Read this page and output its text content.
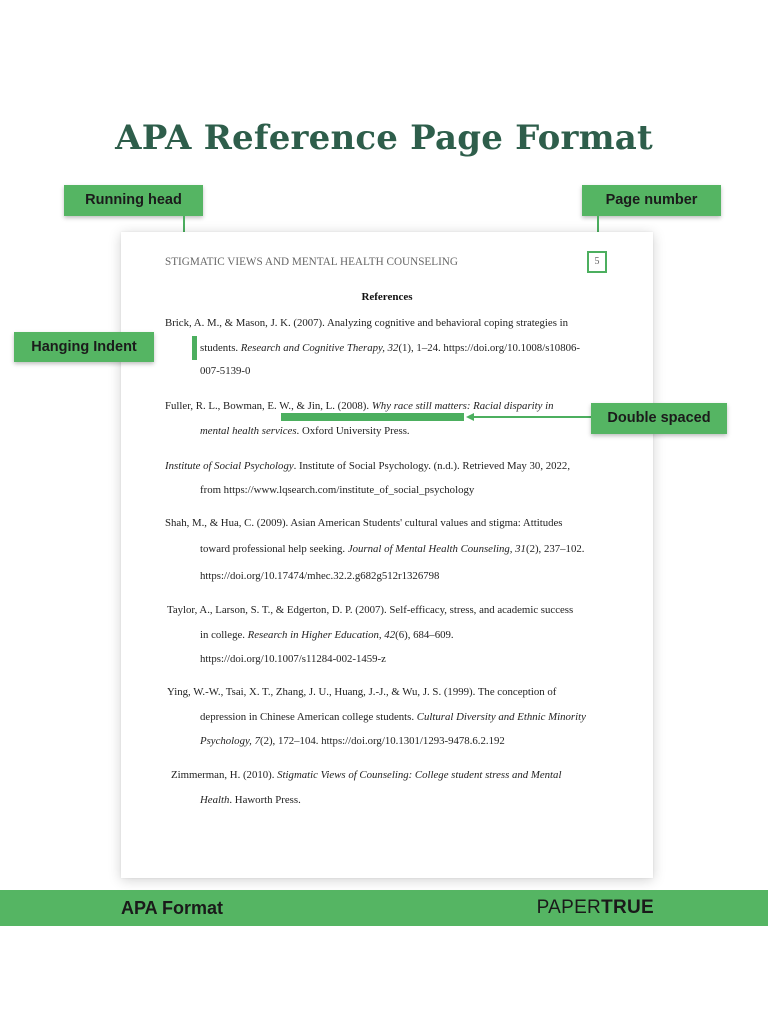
APA Reference Page Format
Running head	Page number
STIGMATIC VIEWS AND MENTAL HEALTH COUNSELING	5
References
Brick, A. M., & Mason, J. K. (2007). Analyzing cognitive and behavioral coping strategies in
students. Research and Cognitive Therapy, 32(1), 1–24. https://doi.org/10.1008/s10806-
007-5139-0
Fuller, R. L., Bowman, E. W., & Jin, L. (2008). Why race still matters: Racial disparity in
mental health services. Oxford University Press.
Institute of Social Psychology. Institute of Social Psychology. (n.d.). Retrieved May 30, 2022,
from https://www.lqsearch.com/institute_of_social_psychology
Shah, M., & Hua, C. (2009). Asian American Students' cultural values and stigma: Attitudes
toward professional help seeking. Journal of Mental Health Counseling, 31(2), 237–102.
https://doi.org/10.17474/mhec.32.2.g682g512r1326798
Taylor, A., Larson, S. T., & Edgerton, D. P. (2007). Self-efficacy, stress, and academic success
in college. Research in Higher Education, 42(6), 684–609.
https://doi.org/10.1007/s11284-002-1459-z
Ying, W.-W., Tsai, X. T., Zhang, J. U., Huang, J.-J., & Wu, J. S. (1999). The conception of
depression in Chinese American college students. Cultural Diversity and Ethnic Minority
Psychology, 7(2), 172–104. https://doi.org/10.1301/1293-9478.6.2.192
Zimmerman, H. (2010). Stigmatic Views of Counseling: College student stress and Mental
Health. Haworth Press.
Hanging Indent
Double spaced
APA Format	PAPERTRUE
